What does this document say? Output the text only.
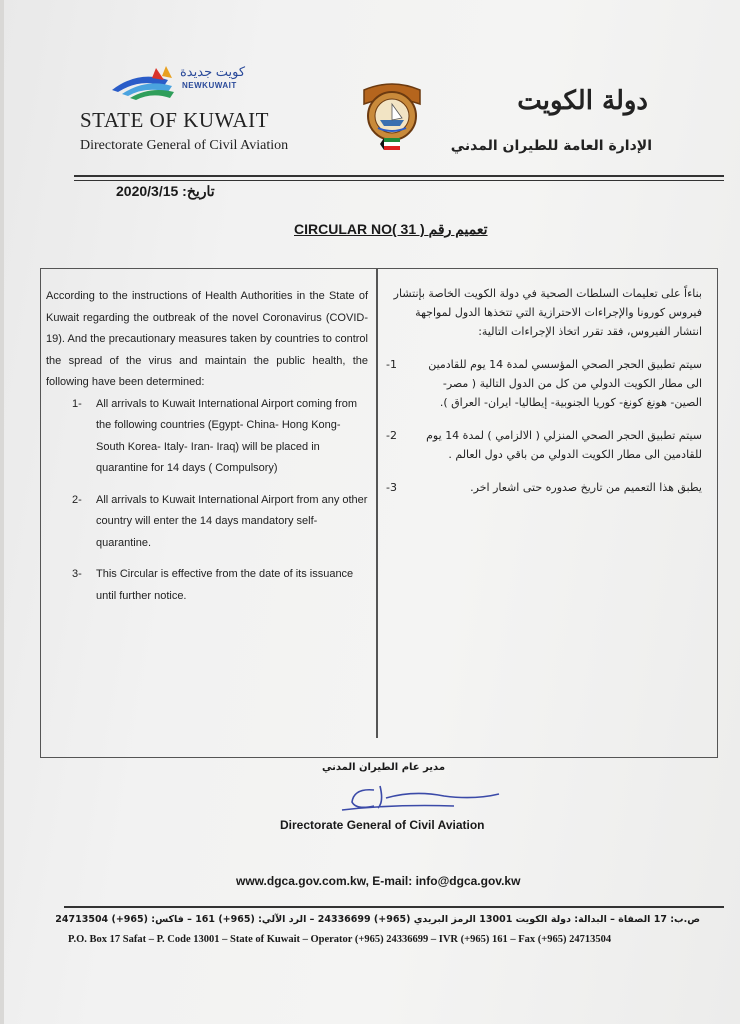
كويت جديدة
NEWKUWAIT
STATE OF KUWAIT
Directorate General of Civil Aviation
دولة الكويت
الإدارة العامة للطيران المدني
تاريخ: 2020/3/15
CIRCULAR NO( 31 ) تعميم رقم

According to the instructions of Health Authorities in the State of Kuwait regarding the outbreak of the novel Coronavirus (COVID- 19). And the precautionary measures taken by countries to control the spread of the virus and maintain the public health, the following have been determined:

1- All arrivals to Kuwait International Airport coming from the following countries (Egypt- China- Hong Kong- South Korea- Italy- Iran- Iraq) will be placed in quarantine for 14 days ( Compulsory)
2- All arrivals to Kuwait International Airport from any other country will enter the 14 days mandatory self-quarantine.
3- This Circular is effective from the date of its issuance until further notice.

بناءاً على تعليمات السلطات الصحية في دولة الكويت الخاصة بإنتشار فيروس كورونا والإجراءات الاحترازية التي تتخذها الدول لمواجهة انتشار الفيروس، فقد تقرر اتخاذ الإجراءات التالية:

-1	سيتم تطبيق الحجر الصحي المؤسسي لمدة 14 يوم للقادمين الى مطار الكويت الدولي من كل من الدول التالية ( مصر- الصين- هونغ كونغ- كوريا الجنوبية- إيطاليا- ايران- العراق ).
-2	سيتم تطبيق الحجر الصحي المنزلي ( الالزامي ) لمدة 14 يوم للقادمين الى مطار الكويت الدولي من باقي دول العالم .
-3	يطبق هذا التعميم من تاريخ صدوره حتى اشعار اخر.
مدير عام الطيران المدني
Directorate General of Civil Aviation
www.dgca.gov.com.kw, E-mail: info@dgca.gov.kw
ص.ب: 17 الصفاة – البدالة: دولة الكويت 13001 الرمز البريدي (965+) 24336699 – الرد الآلي: (965+) 161 – فاكس: (965+) 24713504
P.O. Box 17 Safat – P. Code 13001 – State of Kuwait – Operator (+965) 24336699 – IVR (+965) 161 – Fax (+965) 24713504
